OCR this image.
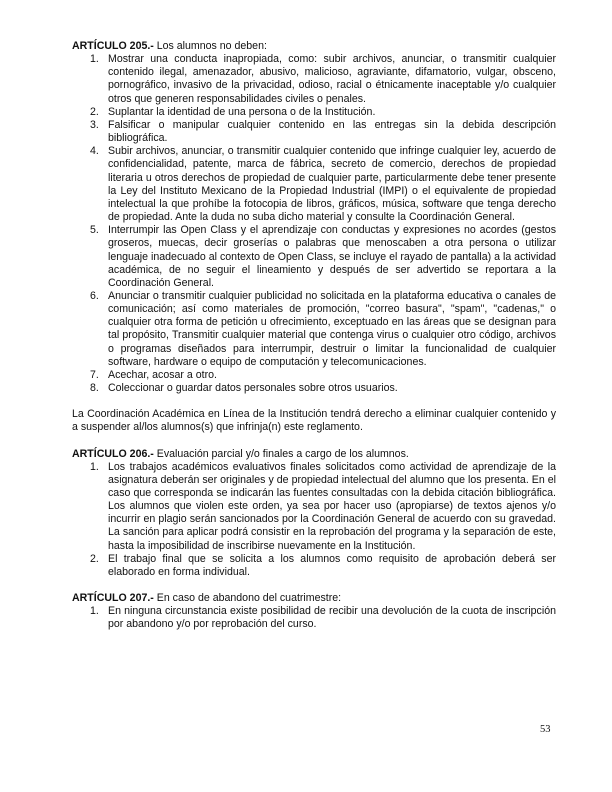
ARTÍCULO 205.- Los alumnos no deben:

1. Mostrar una conducta inapropiada, como: subir archivos, anunciar, o transmitir cualquier contenido ilegal, amenazador, abusivo, malicioso, agraviante, difamatorio, vulgar, obsceno, pornográfico, invasivo de la privacidad, odioso, racial o étnicamente inaceptable y/o cualquier otros que generen responsabilidades civiles o penales.
2. Suplantar la identidad de una persona o de la Institución.
3. Falsificar o manipular cualquier contenido en las entregas sin la debida descripción bibliográfica.
4. Subir archivos, anunciar, o transmitir cualquier contenido que infringe cualquier ley, acuerdo de confidencialidad, patente, marca de fábrica, secreto de comercio, derechos de propiedad literaria u otros derechos de propiedad de cualquier parte, particularmente debe tener presente la Ley del Instituto Mexicano de la Propiedad Industrial (IMPI) o el equivalente de propiedad intelectual la que prohíbe la fotocopia de libros, gráficos, música, software que tenga derecho de propiedad. Ante la duda no suba dicho material y consulte la Coordinación General.
5. Interrumpir las Open Class y el aprendizaje con conductas y expresiones no acordes (gestos groseros, muecas, decir groserías o palabras que menoscaben a otra persona o utilizar lenguaje inadecuado al contexto de Open Class, se incluye el rayado de pantalla) a la actividad académica, de no seguir el lineamiento y después de ser advertido se reportara a la Coordinación General.
6. Anunciar o transmitir cualquier publicidad no solicitada en la plataforma educativa o canales de comunicación; así como materiales de promoción, "correo basura", "spam", "cadenas," o cualquier otra forma de petición u ofrecimiento, exceptuado en las áreas que se designan para tal propósito, Transmitir cualquier material que contenga virus o cualquier otro código, archivos o programas diseñados para interrumpir, destruir o limitar la funcionalidad de cualquier software, hardware o equipo de computación y telecomunicaciones.
7. Acechar, acosar a otro.
8. Coleccionar o guardar datos personales sobre otros usuarios.

La Coordinación Académica en Línea de la Institución tendrá derecho a eliminar cualquier contenido y a suspender al/los alumnos(s) que infrinja(n) este reglamento.

ARTÍCULO 206.- Evaluación parcial y/o finales a cargo de los alumnos.

1. Los trabajos académicos evaluativos finales solicitados como actividad de aprendizaje de la asignatura deberán ser originales y de propiedad intelectual del alumno que los presenta. En el caso que corresponda se indicarán las fuentes consultadas con la debida citación bibliográfica. Los alumnos que violen este orden, ya sea por hacer uso (apropiarse) de textos ajenos y/o incurrir en plagio serán sancionados por la Coordinación General de acuerdo con su gravedad. La sanción para aplicar podrá consistir en la reprobación del programa y la separación de este, hasta la imposibilidad de inscribirse nuevamente en la Institución.
2. El trabajo final que se solicita a los alumnos como requisito de aprobación deberá ser elaborado en forma individual.

ARTÍCULO 207.- En caso de abandono del cuatrimestre:

1. En ninguna circunstancia existe posibilidad de recibir una devolución de la cuota de inscripción por abandono y/o por reprobación del curso.
53
